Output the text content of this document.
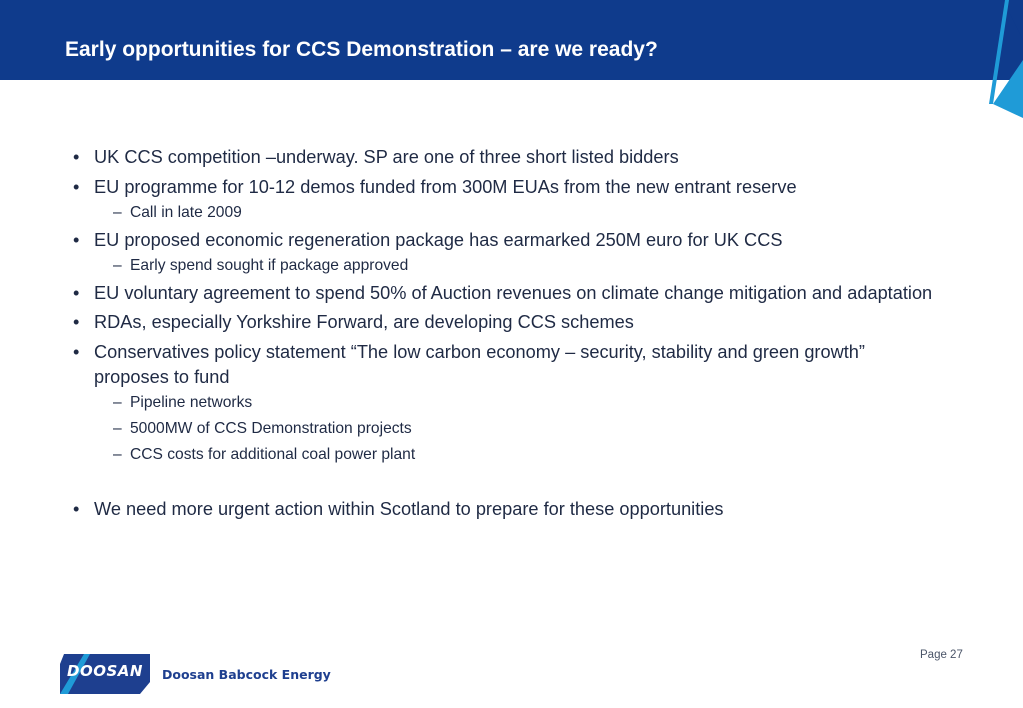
Early opportunities for CCS Demonstration – are we ready?
• UK CCS competition –underway. SP are one of three short listed bidders
• EU programme for 10-12 demos funded from 300M EUAs from the new entrant reserve
– Call in late 2009
• EU proposed economic regeneration package has earmarked 250M euro for UK CCS
– Early spend sought if package approved
• EU voluntary agreement to spend 50% of Auction revenues on climate change mitigation and adaptation
• RDAs, especially Yorkshire Forward, are developing CCS schemes
• Conservatives policy statement “The low carbon economy – security, stability and green growth” proposes to fund
– Pipeline networks
– 5000MW of CCS Demonstration projects
– CCS costs for additional coal power plant
• We need more urgent action within Scotland to prepare for these opportunities
Page 27
DOOSAN	Doosan Babcock Energy
